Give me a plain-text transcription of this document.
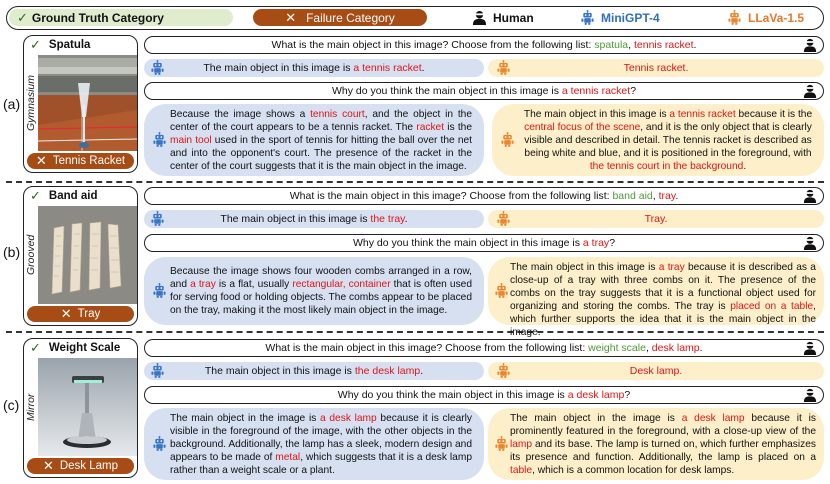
✓ Ground Truth Category	✕ Failure Category	Human	MiniGPT-4	LLaVa-1.5
(a)
✓ Spatula
Gymnasium
✕ Tennis Racket
What is the main object in this image? Choose from the following list: spatula, tennis racket.
The main object in this image is a tennis racket.	Tennis racket.
Why do you think the main object in this image is a tennis racket?

Because the image shows a tennis court, and the object in the center of the court appears to be a tennis racket. The racket is the main tool used in the sport of tennis for hitting the ball over the net and into the opponent's court. The presence of the racket in the center of the court suggests that it is the main object in the image.

The main object in this image is a tennis racket because it is the central focus of the scene, and it is the only object that is clearly visible and described in detail. The tennis racket is described as being white and blue, and it is positioned in the foreground, with the tennis court in the background.

(b)
✓ Band aid
Grooved
✕ Tray
What is the main object in this image? Choose from the following list: band aid, tray.
The main object in this image is the tray.	Tray.
Why do you think the main object in this image is a tray?

Because the image shows four wooden combs arranged in a row, and a tray is a flat, usually rectangular, container that is often used for serving food or holding objects. The combs appear to be placed on the tray, making it the most likely main object in the image.

The main object in this image is a tray because it is described as a close-up of a tray with three combs on it. The presence of the combs on the tray suggests that it is a functional object used for organizing and storing the combs. The tray is placed on a table, which further supports the idea that it is the main object in the image.

(c)
✓ Weight Scale
Mirror
✕ Desk Lamp
What is the main object in this image? Choose from the following list: weight scale, desk lamp.
The main object in this image is the desk lamp.	Desk lamp.
Why do you think the main object in this image is a desk lamp?

The main object in the image is a desk lamp because it is clearly visible in the foreground of the image, with the other objects in the background. Additionally, the lamp has a sleek, modern design and appears to be made of metal, which suggests that it is a desk lamp rather than a weight scale or a plant.

The main object in the image is a desk lamp because it is prominently featured in the foreground, with a close-up view of the lamp and its base. The lamp is turned on, which further emphasizes its presence and function. Additionally, the lamp is placed on a table, which is a common location for desk lamps.
